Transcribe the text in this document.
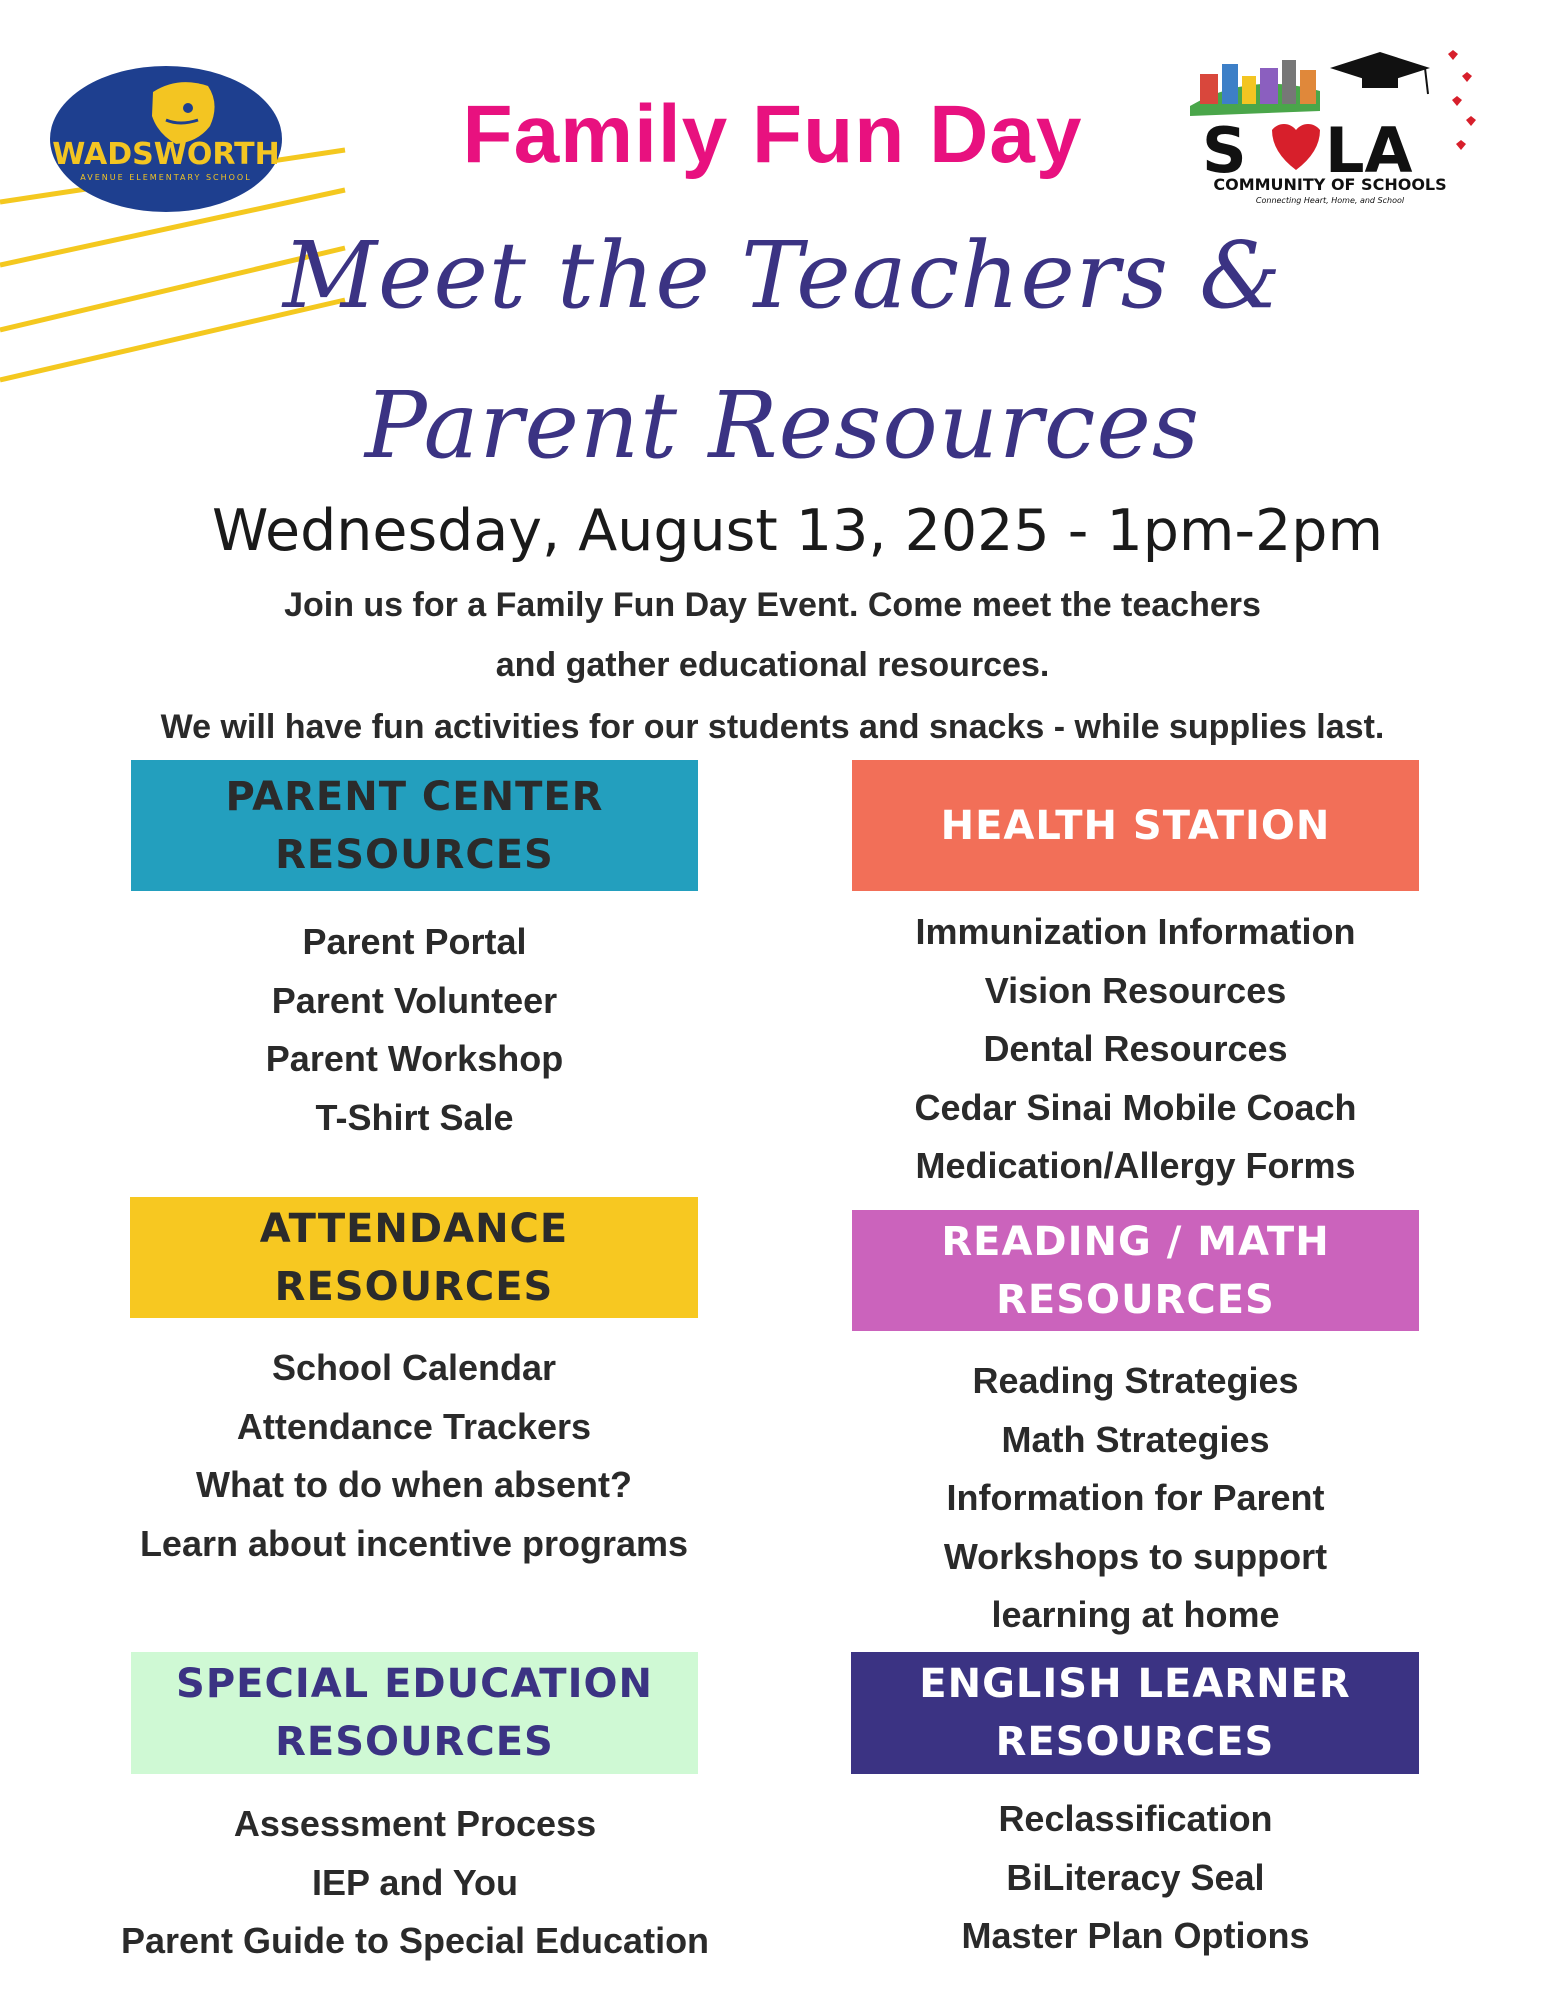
WADSWORTH
AVENUE ELEMENTARY SCHOOL	S LA
COMMUNITY OF SCHOOLS
Connecting Heart, Home, and School
Family Fun Day
Meet the Teachers &
Parent Resources
Wednesday, August 13, 2025 - 1pm-2pm
Join us for a Family Fun Day Event. Come meet the teachers
and gather educational resources.
We will have fun activities for our students and snacks - while supplies last.
PARENT CENTER
RESOURCES
Parent Portal
Parent Volunteer
Parent Workshop
T-Shirt Sale
HEALTH STATION
Immunization Information
Vision Resources
Dental Resources
Cedar Sinai Mobile Coach
Medication/Allergy Forms
ATTENDANCE
RESOURCES
School Calendar
Attendance Trackers
What to do when absent?
Learn about incentive programs
READING / MATH
RESOURCES
Reading Strategies
Math Strategies
Information for Parent
Workshops to support
learning at home
SPECIAL EDUCATION
RESOURCES
Assessment Process
IEP and You
Parent Guide to Special Education
ENGLISH LEARNER
RESOURCES
Reclassification
BiLiteracy Seal
Master Plan Options
